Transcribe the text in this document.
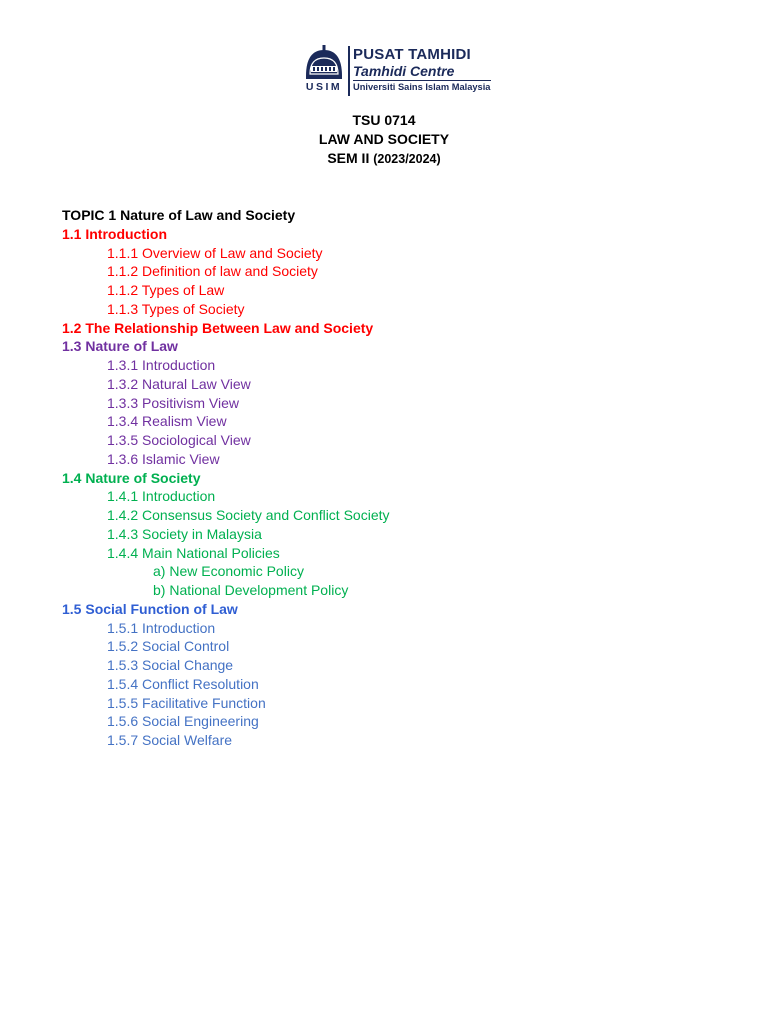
USIM
PUSAT TAMHIDI
Tamhidi Centre
Universiti Sains Islam Malaysia
TSU 0714
LAW AND SOCIETY
SEM II (2023/2024)
TOPIC 1 Nature of Law and Society
1.1 Introduction
1.1.1 Overview of Law and Society
1.1.2 Definition of law and Society
1.1.2 Types of Law
1.1.3 Types of Society
1.2 The Relationship Between Law and Society
1.3 Nature of Law
1.3.1 Introduction
1.3.2 Natural Law View
1.3.3 Positivism View
1.3.4 Realism View
1.3.5 Sociological View
1.3.6 Islamic View
1.4 Nature of Society
1.4.1 Introduction
1.4.2 Consensus Society and Conflict Society
1.4.3 Society in Malaysia
1.4.4 Main National Policies
a) New Economic Policy
b) National Development Policy
1.5 Social Function of Law
1.5.1 Introduction
1.5.2 Social Control
1.5.3 Social Change
1.5.4 Conflict Resolution
1.5.5 Facilitative Function
1.5.6 Social Engineering
1.5.7 Social Welfare
